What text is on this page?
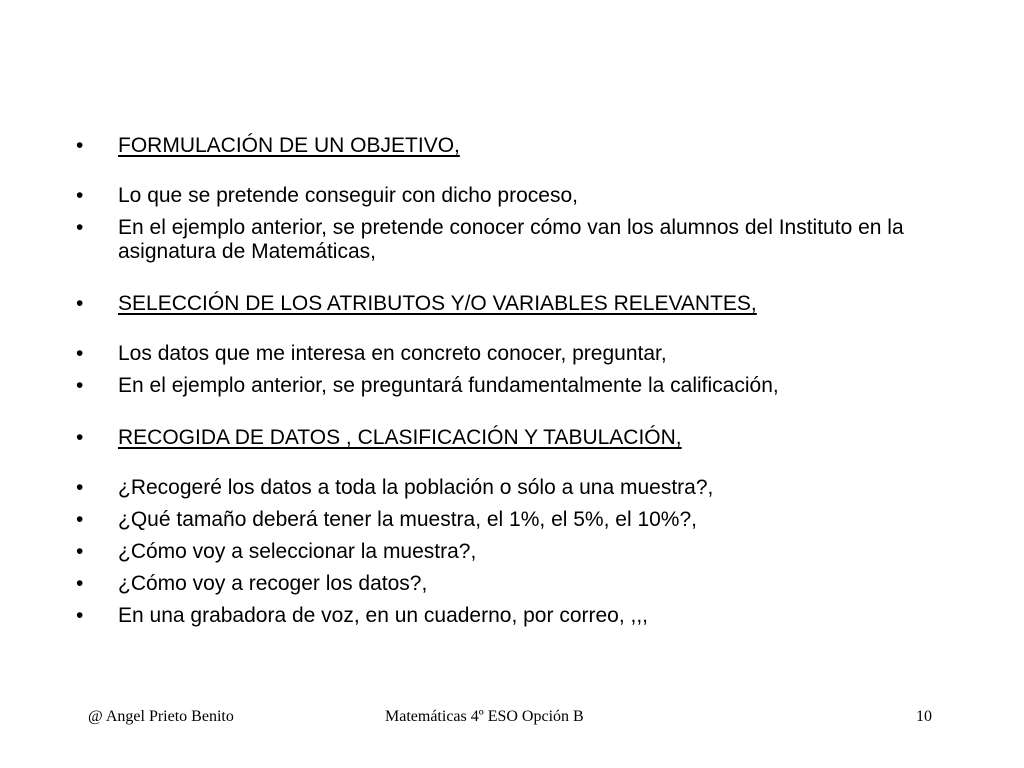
•	FORMULACIÓN DE UN OBJETIVO,
•	Lo que se pretende conseguir con dicho proceso,
•	En el ejemplo anterior, se pretende conocer cómo van los alumnos del Instituto en la asignatura de Matemáticas,
•	SELECCIÓN DE LOS ATRIBUTOS Y/O VARIABLES RELEVANTES,
•	Los datos que me interesa en concreto conocer, preguntar,
•	En el ejemplo anterior, se preguntará fundamentalmente la calificación,
•	RECOGIDA DE DATOS , CLASIFICACIÓN Y TABULACIÓN,
•	¿Recogeré los datos a toda la población o sólo a una muestra?,
•	¿Qué tamaño deberá tener la muestra, el 1%, el 5%, el 10%?,
•	¿Cómo voy a seleccionar la muestra?,
•	¿Cómo voy a recoger los datos?,
•	En una grabadora de voz, en un cuaderno, por correo, ,,,
@ Angel Prieto Benito	Matemáticas 4º ESO Opción B	10
